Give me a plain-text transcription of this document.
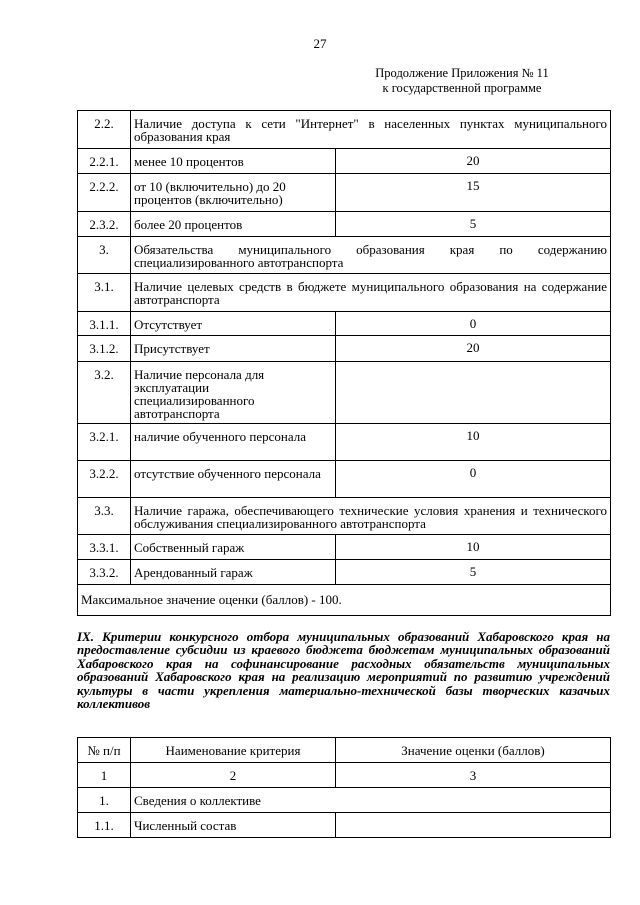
27
Продолжение Приложения № 11
к государственной программе
2.2.	Наличие доступа к сети "Интернет" в населенных пунктах муниципального образования края	
2.2.1.	менее 10 процентов	20
2.2.2.	от 10 (включительно) до 20 процентов (включительно)	15
2.3.2.	более 20 процентов	5
3.	Обязательства муниципального образования края по содержанию специализированного автотранспорта	
3.1.	Наличие целевых средств в бюджете муниципального образования на содержание автотранспорта	
3.1.1.	Отсутствует	0
3.1.2.	Присутствует	20
3.2.	Наличие персонала для эксплуатации специализированного автотранспорта	
3.2.1.	наличие обученного персонала	10
3.2.2.	отсутствие обученного персонала	0
3.3.	Наличие гаража, обеспечивающего технические условия хранения и технического обслуживания специализированного автотранспорта	
3.3.1.	Собственный гараж	10
3.3.2.	Арендованный гараж	5
Максимальное значение оценки (баллов) - 100.		
IX. Критерии конкурсного отбора муниципальных образований Хабаровского края на предоставление субсидии из краевого бюджета бюджетам муниципальных образований Хабаровского края на софинансирование расходных обязательств муниципальных образований Хабаровского края на реализацию мероприятий по развитию учреждений культуры в части укрепления материально-технической базы творческих казачьих коллективов
№ п/п	Наименование критерия	Значение оценки (баллов)
1	2	3
1.	Сведения о коллективе	
1.1.	Численный состав	
